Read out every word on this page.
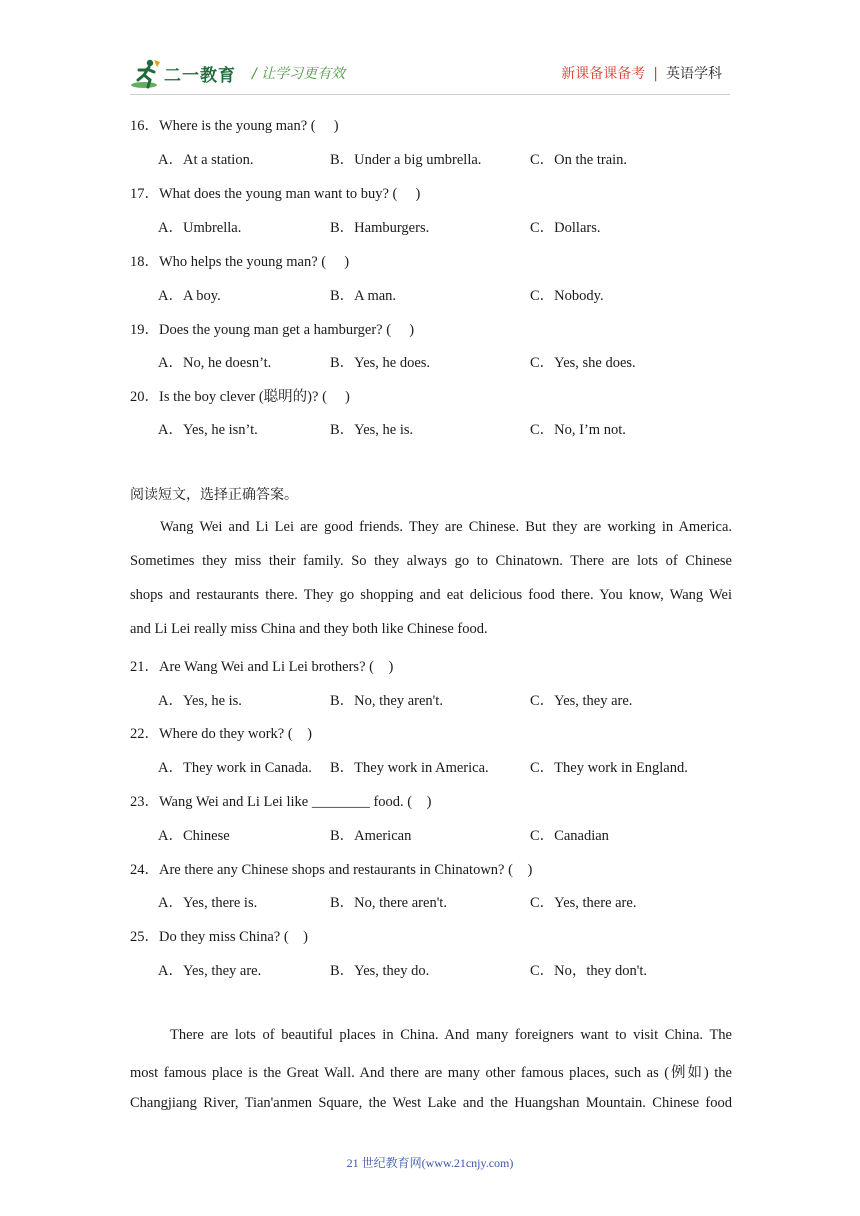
二一教育 / 让学习更有效	新课备课备考 | 英语学科
16．Where is the young man? (　 )
A．At a station.	B．Under a big umbrella.	C．On the train.
17．What does the young man want to buy? (　 )
A．Umbrella.	B．Hamburgers.	C．Dollars.
18．Who helps the young man? (　 )
A．A boy.	B．A man.	C．Nobody.
19．Does the young man get a hamburger? (　 )
A．No, he doesn’t.	B．Yes, he does.	C．Yes, she does.
20．Is the boy clever (聪明的)? (　 )
A．Yes, he isn’t.	B．Yes, he is.	C．No, I’m not.
阅读短文，选择正确答案。
Wang Wei and Li Lei are good friends. They are Chinese. But they are working in America.
Sometimes they miss their family. So they always go to Chinatown. There are lots of Chinese
shops and restaurants there. They go shopping and eat delicious food there. You know, Wang Wei
and Li Lei really miss China and they both like Chinese food.
21．Are Wang Wei and Li Lei brothers? (　)
A．Yes, he is.	B．No, they aren't.	C．Yes, they are.
22．Where do they work? (　)
A．They work in Canada. B．They work in America.	C．They work in England.
23．Wang Wei and Li Lei like ________ food. (　)
A．Chinese	B．American	C．Canadian
24．Are there any Chinese shops and restaurants in Chinatown? (　)
A．Yes, there is.	B．No, there aren't.	C．Yes, there are.
25．Do they miss China? (　)
A．Yes, they are.	B．Yes, they do.	C．No，they don't.
There are lots of beautiful places in China. And many foreigners want to visit China. The
most famous place is the Great Wall. And there are many other famous places, such as (例如) the
Changjiang River, Tian'anmen Square, the West Lake and the Huangshan Mountain. Chinese food
21 世纪教育网(www.21cnjy.com)
